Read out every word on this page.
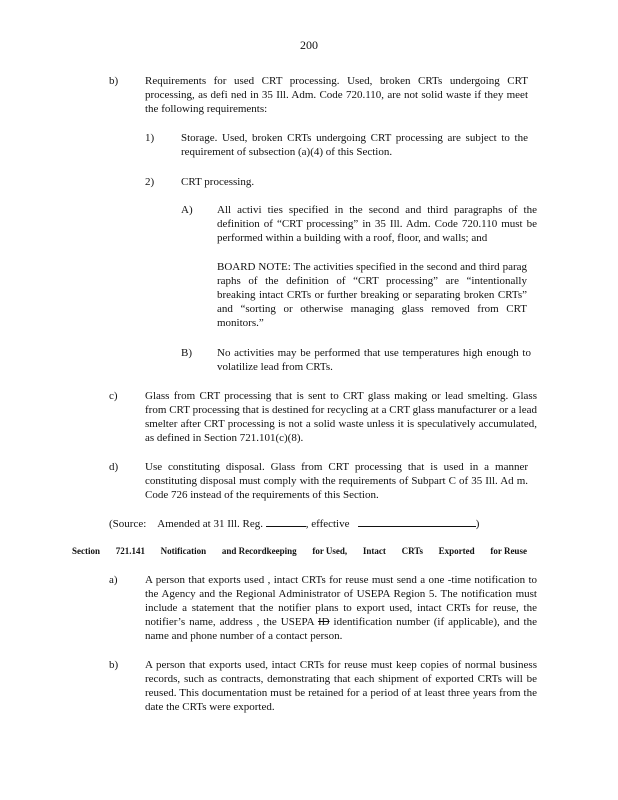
200
b) Requirements for used CRT processing. Used, broken CRTs undergoing CRT processing, as defi ned in 35 Ill. Adm. Code 720.110, are not solid waste if they meet the following requirements:
1) Storage. Used, broken CRTs undergoing CRT processing are subject to the requirement of subsection (a)(4) of this Section.
2) CRT processing.
A) All activi ties specified in the second and third paragraphs of the definition of “CRT processing” in 35 Ill. Adm. Code 720.110 must be performed within a building with a roof, floor, and walls; and
BOARD NOTE: The activities specified in the second and third parag raphs of the definition of “CRT processing” are “intentionally breaking intact CRTs or further breaking or separating broken CRTs” and “sorting or otherwise managing glass removed from CRT monitors.”
B) No activities may be performed that use temperatures high enough to volatilize lead from CRTs.
c) Glass from CRT processing that is sent to CRT glass making or lead smelting. Glass from CRT processing that is destined for recycling at a CRT glass manufacturer or a lead smelter after CRT processing is not a solid waste unless it is speculatively accumulated, as defined in Section 721.101(c)(8).
d) Use constituting disposal. Glass from CRT processing that is used in a manner constituting disposal must comply with the requirements of Subpart C of 35 Ill. Ad m. Code 726 instead of the requirements of this Section.
(Source: Amended at 31 Ill. Reg.	, effective	)
Section 721.141 Notification and Recordkeeping for Used, Intact CRTs Exported for Reuse
a) A person that exports used , intact CRTs for reuse must send a one -time notification to the Agency and the Regional Administrator of USEPA Region 5. The notification must include a statement that the notifier plans to export used, intact CRTs for reuse, the notifier’s name, address , the USEPA ID identification number (if applicable), and the name and phone number of a contact person.
b) A person that exports used, intact CRTs for reuse must keep copies of normal business records, such as contracts, demonstrating that each shipment of exported CRTs will be reused. This documentation must be retained for a period of at least three years from the date the CRTs were exported.
